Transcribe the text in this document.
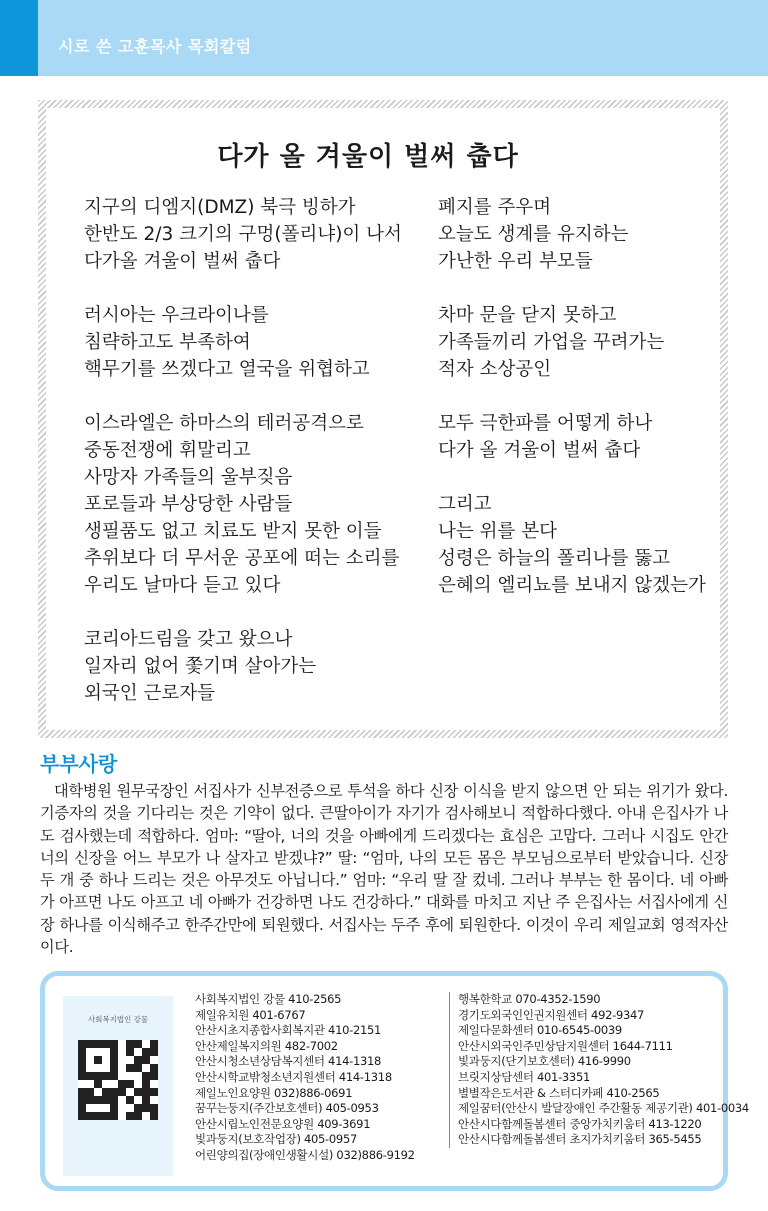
시로 쓴 고훈목사 목회칼럼
다가 올 겨울이 벌써 춥다
지구의 디엠지(DMZ) 북극 빙하가
한반도 2/3 크기의 구멍(폴리냐)이 나서
다가올 겨울이 벌써 춥다
러시아는 우크라이나를
침략하고도 부족하여
핵무기를 쓰겠다고 열국을 위협하고
이스라엘은 하마스의 테러공격으로
중동전쟁에 휘말리고
사망자 가족들의 울부짖음
포로들과 부상당한 사람들
생필품도 없고 치료도 받지 못한 이들
추위보다 더 무서운 공포에 떠는 소리를
우리도 날마다 듣고 있다
코리아드림을 갖고 왔으나
일자리 없어 쫓기며 살아가는
외국인 근로자들
폐지를 주우며
오늘도 생계를 유지하는
가난한 우리 부모들
차마 문을 닫지 못하고
가족들끼리 가업을 꾸려가는
적자 소상공인
모두 극한파를 어떻게 하나
다가 올 겨울이 벌써 춥다
그리고
나는 위를 본다
성령은 하늘의 폴리나를 뚫고
은혜의 엘리뇨를 보내지 않겠는가
부부사랑

대학병원 원무국장인 서집사가 신부전증으로 투석을 하다 신장 이식을 받지 않으면 안 되는 위기가 왔다. 기증자의 것을 기다리는 것은 기약이 없다. 큰딸아이가 자기가 검사해보니 적합하다했다. 아내 은집사가 나도 검사했는데 적합하다. 엄마: “딸아, 너의 것을 아빠에게 드리겠다는 효심은 고맙다. 그러나 시집도 안간 너의 신장을 어느 부모가 나 살자고 받겠냐?” 딸: “엄마, 나의 모든 몸은 부모님으로부터 받았습니다. 신장 두 개 중 하나 드리는 것은 아무것도 아닙니다.” 엄마: “우리 딸 잘 컸네. 그러나 부부는 한 몸이다. 네 아빠가 아프면 나도 아프고 네 아빠가 건강하면 나도 건강하다.” 대화를 마치고 지난 주 은집사는 서집사에게 신장 하나를 이식해주고 한주간만에 퇴원했다. 서집사는 두주 후에 퇴원한다. 이것이 우리 제일교회 영적자산이다.

사회복지법인 강물
사회복지법인 강물 410-2565
제일유치원 401-6767
안산시초지종합사회복지관 410-2151
안산제일복지의원 482-7002
안산시청소년상담복지센터 414-1318
안산시학교밖청소년지원센터 414-1318
제일노인요양원 032)886-0691
꿈꾸는둥지(주간보호센터) 405-0953
안산시립노인전문요양원 409-3691
빛과둥지(보호작업장) 405-0957
어린양의집(장애인생활시설) 032)886-9192
행복한학교 070-4352-1590
경기도외국인인권지원센터 492-9347
제일다문화센터 010-6545-0039
안산시외국인주민상담지원센터 1644-7111
빛과둥지(단기보호센터) 416-9990
브릿지상담센터 401-3351
별별작은도서관 & 스터디카페 410-2565
제일꿈터(안산시 발달장애인 주간활동 제공기관) 401-0034
안산시다함께돌봄센터 중앙가치키움터 413-1220
안산시다함께돌봄센터 초지가치키움터 365-5455
